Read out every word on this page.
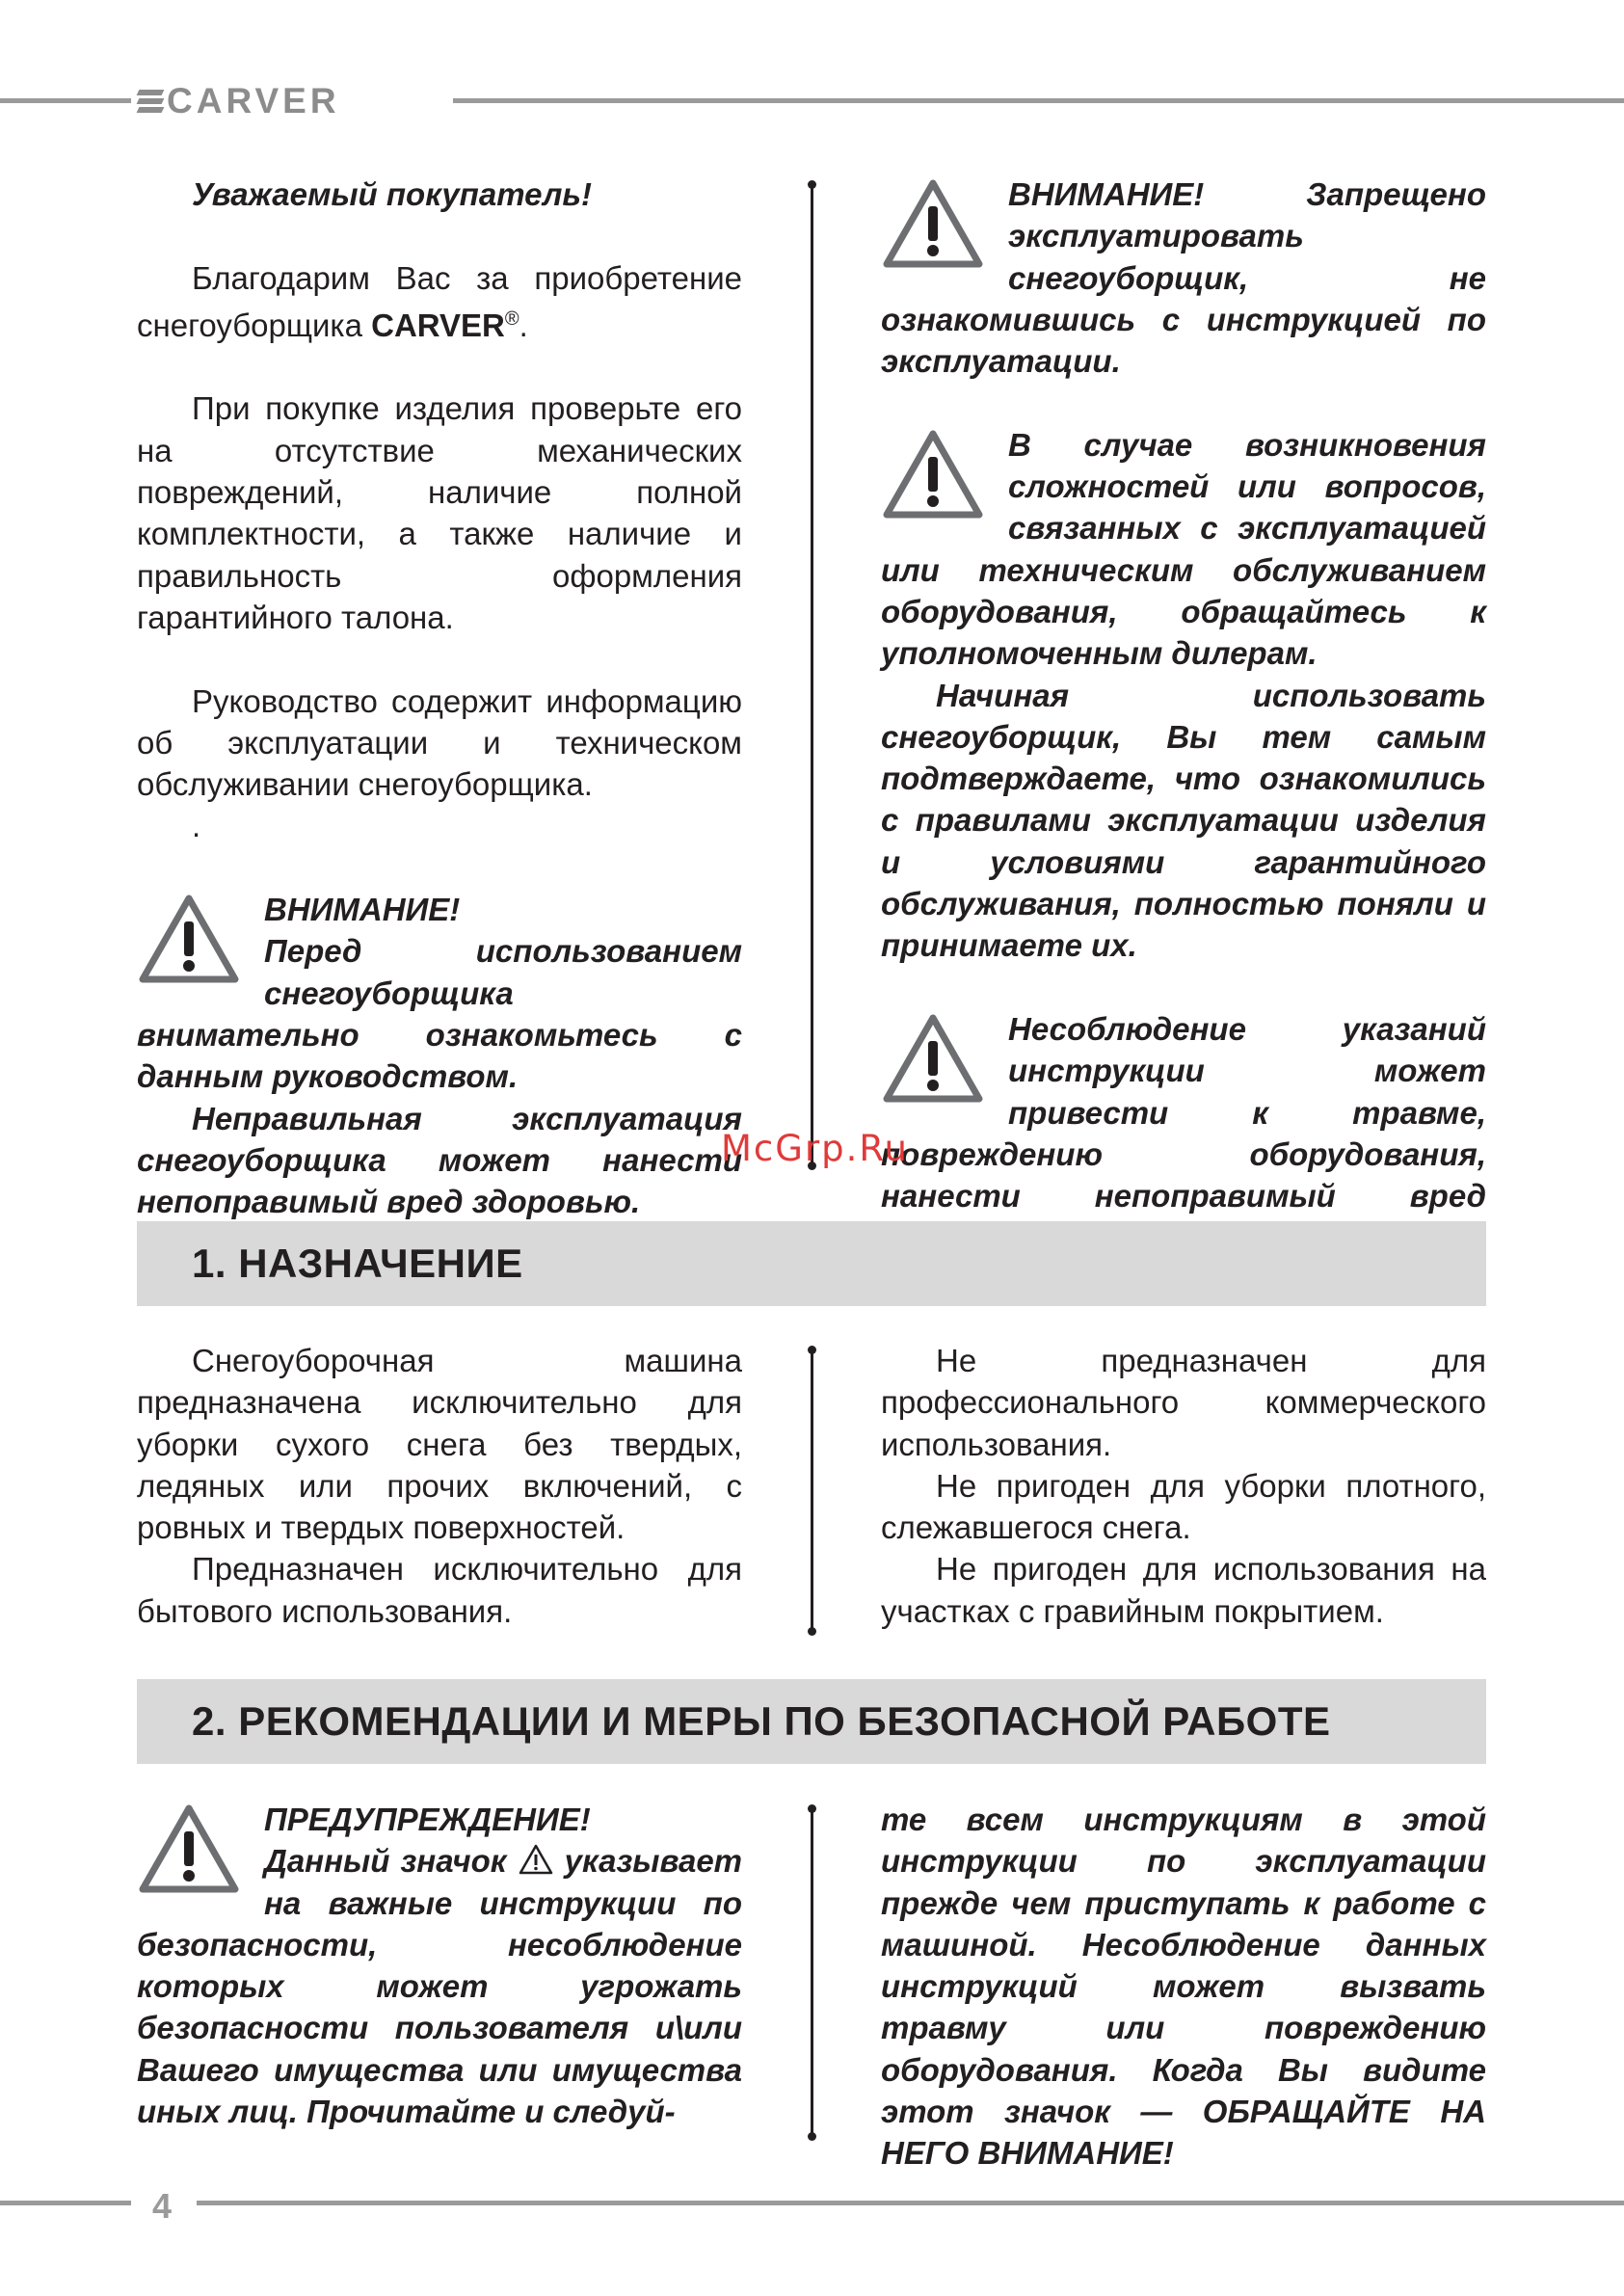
CARVER

Уважаемый покупатель!

Благодарим Вас за приобретение снегоуборщика CARVER®.

При покупке изделия проверьте его на отсутствие механических повреждений, наличие полной комплектности, а также наличие и правильность оформления гарантийного талона.

Руководство содержит информацию об эксплуатации и техническом обслуживании снегоуборщика.

.

ВНИМАНИЕ!

Перед использованием снегоуборщика внимательно ознакомьтесь с данным руководством.

Неправильная эксплуатация снегоуборщика может нанести непоправимый вред здоровью.

ВНИМАНИЕ! Запрещено эксплуатировать снегоуборщик, не ознакомившись с инструкцией по эксплуатации.

В случае возникновения сложностей или вопросов, связанных с эксплуатацией или техническим обслуживанием оборудования, обращайтесь к уполномоченным дилерам.

Начиная использовать снегоуборщик, Вы тем самым подтверждаете, что ознакомились с правилами эксплуатации изделия и условиями гарантийного обслуживания, полностью поняли и принимаете их.

Несоблюдение указаний инструкции может привести к травме, повреждению оборудования, нанести непоправимый вред

McGrp.Ru
1. НАЗНАЧЕНИЕ

Снегоуборочная машина предназначена исключительно для уборки сухого снега без твердых, ледяных или прочих включений, с ровных и твердых поверхностей.

Предназначен исключительно для бытового использования.

Не предназначен для профессионального коммерческого использования.

Не пригоден для уборки плотного, слежавшегося снега.

Не пригоден для использования на участках с гравийным покрытием.

2. РЕКОМЕНДАЦИИ И МЕРЫ ПО БЕЗОПАСНОЙ РАБОТЕ

ПРЕДУПРЕЖДЕНИЕ!

Данный значок указывает на важные инструкции по безопасности, несоблюдение которых может угрожать безопасности пользователя и\или Вашего имущества или имущества иных лиц. Прочитайте и следуй-

те всем инструкциям в этой инструкции по эксплуатации прежде чем приступать к работе с машиной. Несоблюдение данных инструкций может вызвать травму или повреждению оборудования. Когда Вы видите этот значок — ОБРАЩАЙТЕ НА НЕГО ВНИМАНИЕ!

4
